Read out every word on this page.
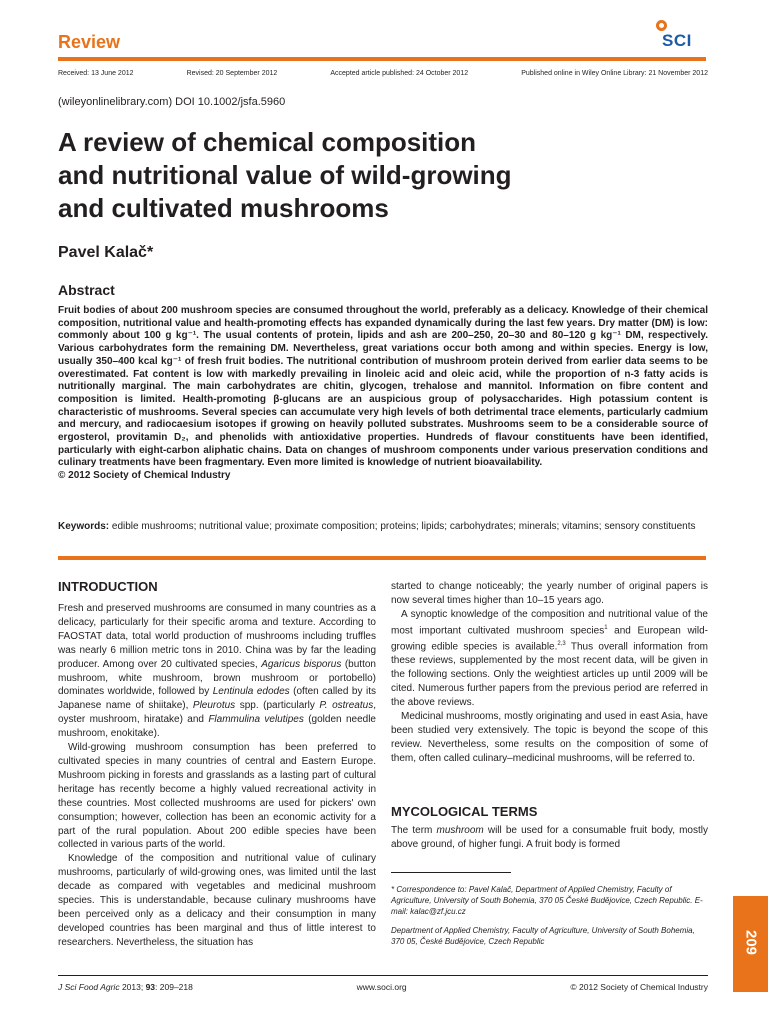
Review	SCI
Received: 13 June 2012	Revised: 20 September 2012	Accepted article published: 24 October 2012	Published online in Wiley Online Library: 21 November 2012
(wileyonlinelibrary.com) DOI 10.1002/jsfa.5960
A review of chemical composition
and nutritional value of wild-growing
and cultivated mushrooms
Pavel Kalač*
Abstract

Fruit bodies of about 200 mushroom species are consumed throughout the world, preferably as a delicacy. Knowledge of their chemical composition, nutritional value and health-promoting effects has expanded dynamically during the last few years. Dry matter (DM) is low: commonly about 100 g kg⁻¹. The usual contents of protein, lipids and ash are 200–250, 20–30 and 80–120 g kg⁻¹ DM, respectively. Various carbohydrates form the remaining DM. Nevertheless, great variations occur both among and within species. Energy is low, usually 350–400 kcal kg⁻¹ of fresh fruit bodies. The nutritional contribution of mushroom protein derived from earlier data seems to be overestimated. Fat content is low with markedly prevailing in linoleic acid and oleic acid, while the proportion of n-3 fatty acids is nutritionally marginal. The main carbohydrates are chitin, glycogen, trehalose and mannitol. Information on fibre content and composition is limited. Health-promoting β-glucans are an auspicious group of polysaccharides. High potassium content is characteristic of mushrooms. Several species can accumulate very high levels of both detrimental trace elements, particularly cadmium and mercury, and radiocaesium isotopes if growing on heavily polluted substrates. Mushrooms seem to be a considerable source of ergosterol, provitamin D₂, and phenolids with antioxidative properties. Hundreds of flavour constituents have been identified, particularly with eight-carbon aliphatic chains. Data on changes of mushroom components under various preservation conditions and culinary treatments have been fragmentary. Even more limited is knowledge of nutrient bioavailability.

© 2012 Society of Chemical Industry

Keywords: edible mushrooms; nutritional value; proximate composition; proteins; lipids; carbohydrates; minerals; vitamins; sensory constituents
INTRODUCTION

Fresh and preserved mushrooms are consumed in many countries as a delicacy, particularly for their specific aroma and texture. According to FAOSTAT data, total world production of mushrooms including truffles was nearly 6 million metric tons in 2010. China was by far the leading producer. Among over 20 cultivated species, Agaricus bisporus (button mushroom, white mushroom, brown mushroom or portobello) dominates worldwide, followed by Lentinula edodes (often called by its Japanese name of shiitake), Pleurotus spp. (particularly P. ostreatus, oyster mushroom, hiratake) and Flammulina velutipes (golden needle mushroom, enokitake).

Wild-growing mushroom consumption has been preferred to cultivated species in many countries of central and Eastern Europe. Mushroom picking in forests and grasslands as a lasting part of cultural heritage has recently become a highly valued recreational activity in these countries. Most collected mushrooms are used for pickers' own consumption; however, collection has been an economic activity for a part of the rural population. About 200 edible species have been collected in various parts of the world.

Knowledge of the composition and nutritional value of culinary mushrooms, particularly of wild-growing ones, was limited until the last decade as compared with vegetables and medicinal mushroom species. This is understandable, because culinary mushrooms have been perceived only as a delicacy and their consumption in many developed countries has been marginal and thus of little interest to researchers. Nevertheless, the situation has

started to change noticeably; the yearly number of original papers is now several times higher than 10–15 years ago.

A synoptic knowledge of the composition and nutritional value of the most important cultivated mushroom species$^1$ and European wild-growing edible species is available.$^{2,3}$ Thus overall information from these reviews, supplemented by the most recent data, will be given in the following sections. Only the weightiest articles up until 2009 will be cited. Numerous further papers from the previous period are referred in the above reviews.

Medicinal mushrooms, mostly originating and used in east Asia, have been studied very extensively. The topic is beyond the scope of this review. Nevertheless, some results on the composition of some of them, often called culinary–medicinal mushrooms, will be referred to.

MYCOLOGICAL TERMS

The term mushroom will be used for a consumable fruit body, mostly above ground, of higher fungi. A fruit body is formed

* Correspondence to: Pavel Kalač, Department of Applied Chemistry, Faculty of Agriculture, University of South Bohemia, 370 05 České Budějovice, Czech Republic. E-mail: kalac@zf.jcu.cz

Department of Applied Chemistry, Faculty of Agriculture, University of South Bohemia, 370 05, České Budějovice, Czech Republic	209
J Sci Food Agric 2013; 93: 209–218	www.soci.org	© 2012 Society of Chemical Industry
